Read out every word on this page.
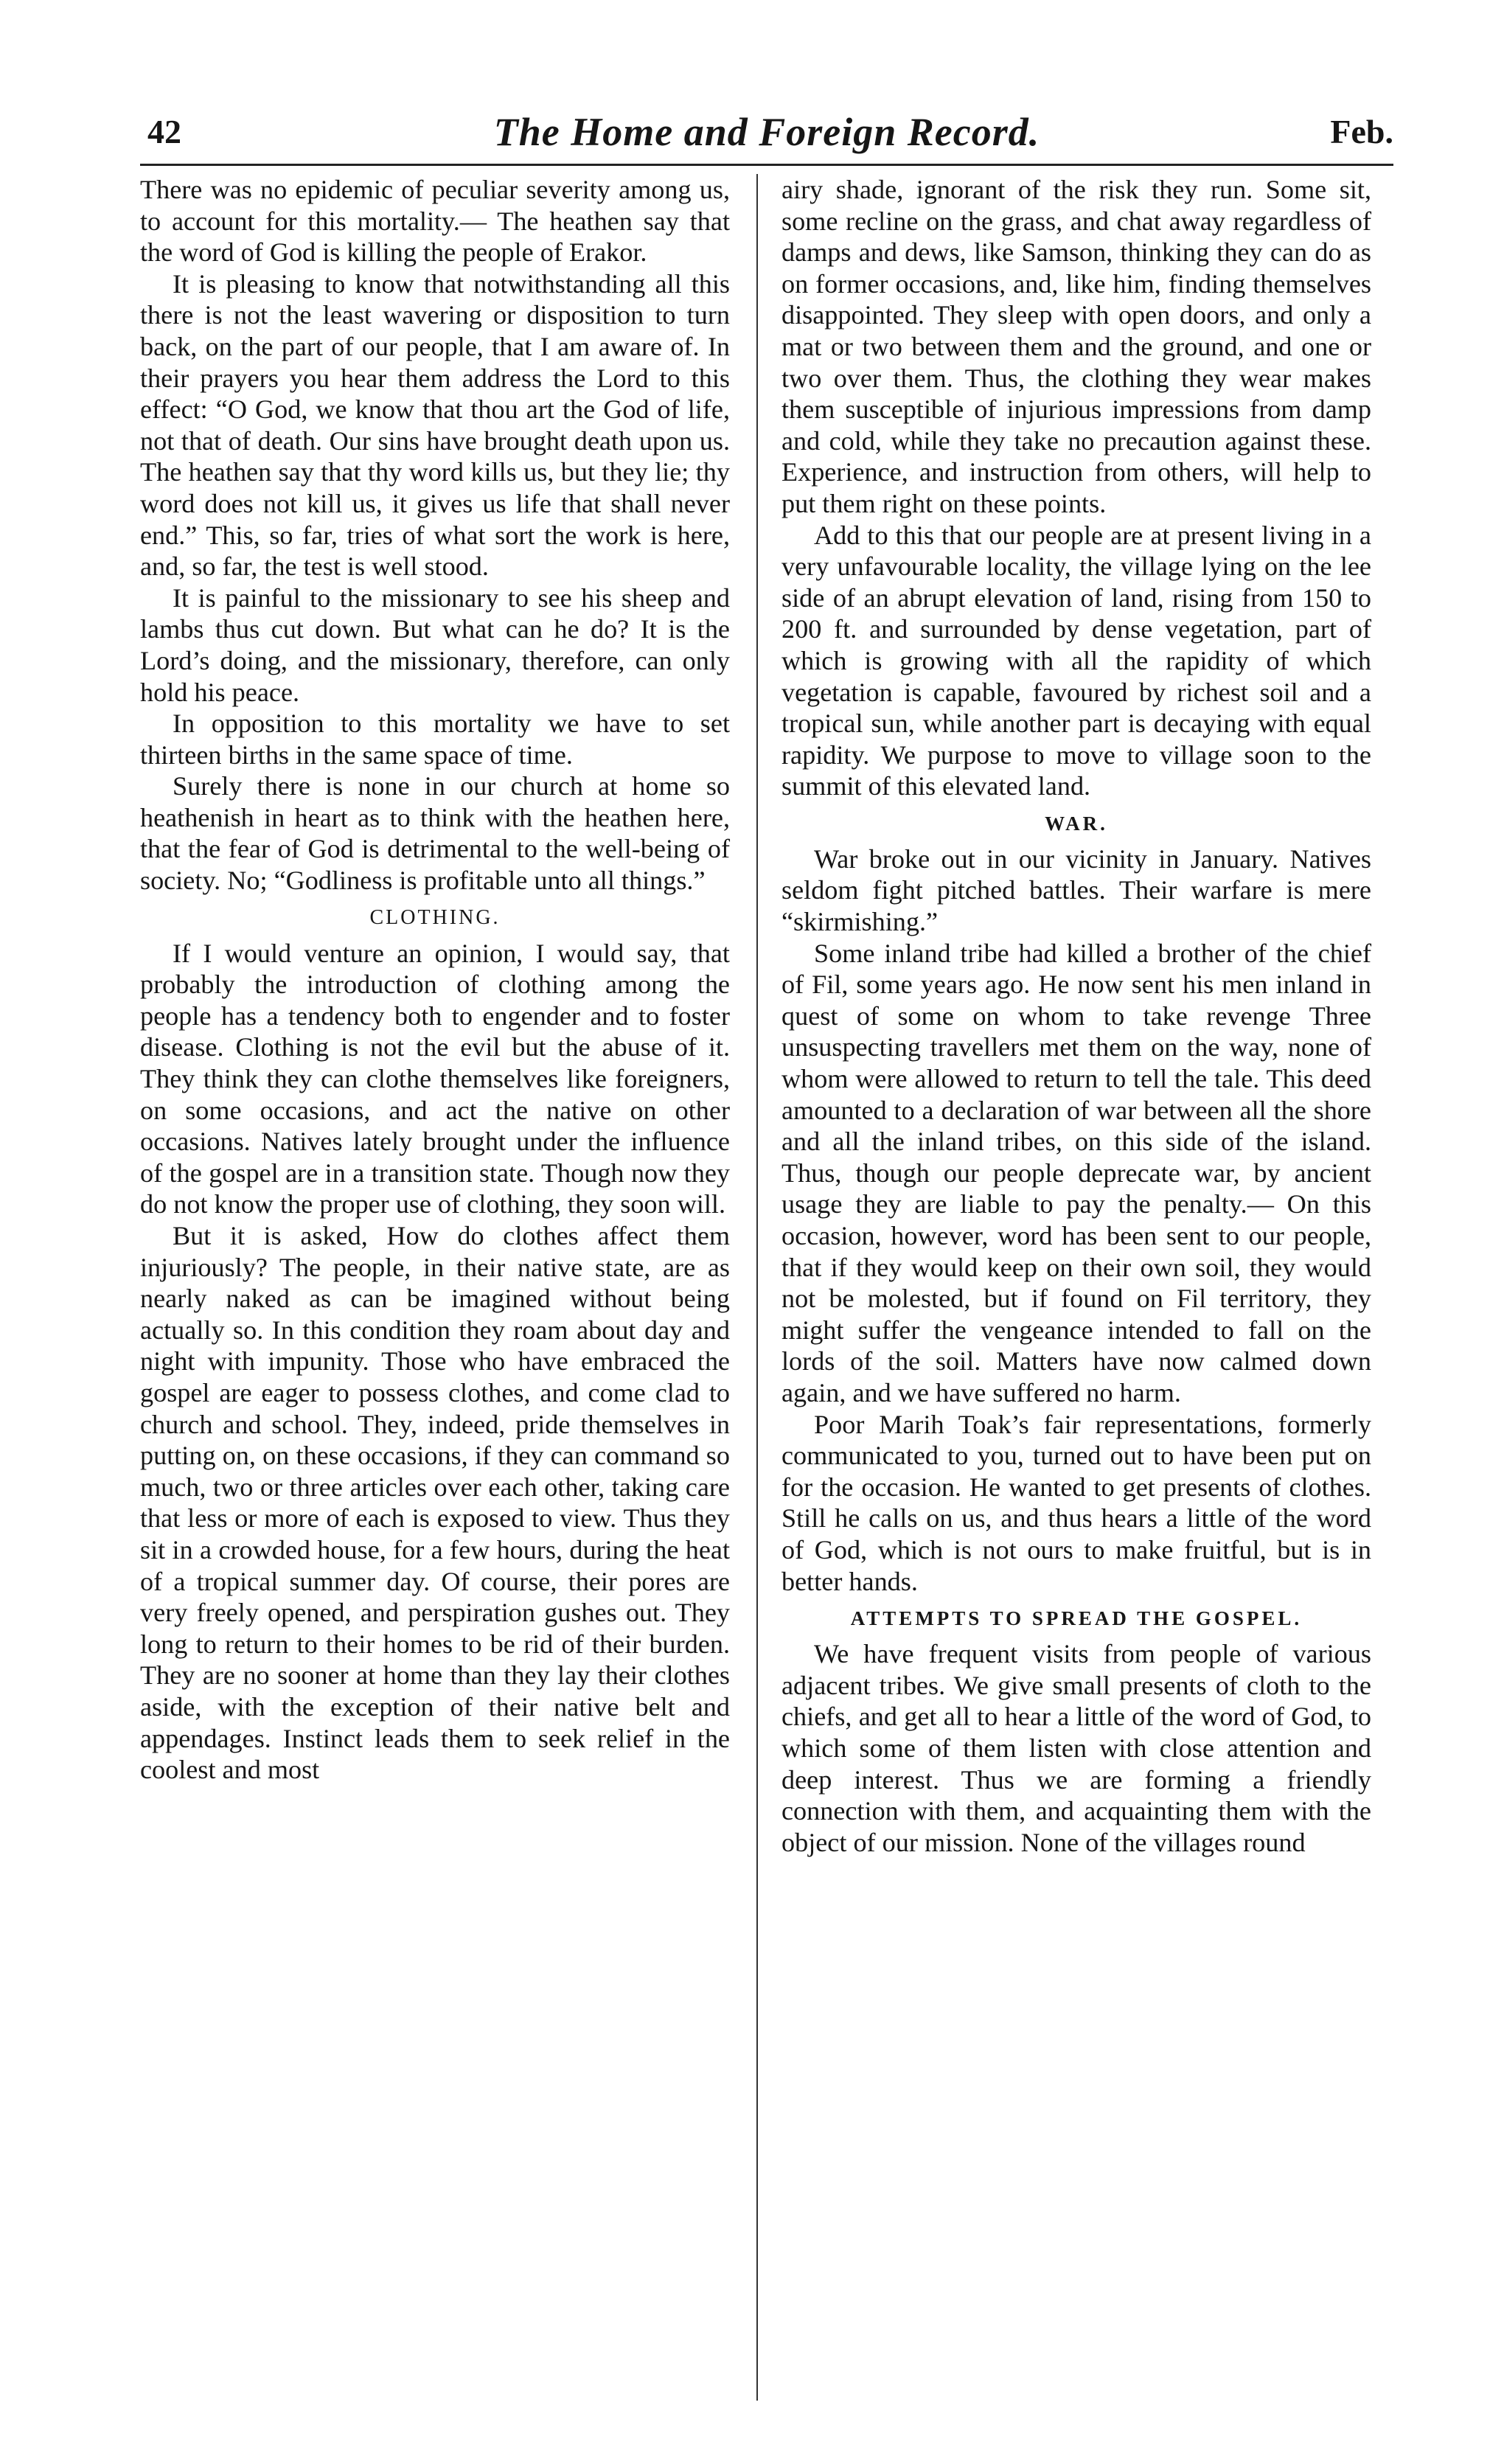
42	The Home and Foreign Record.	Feb.

There was no epidemic of peculiar severity among us, to account for this mortality.— The heathen say that the word of God is killing the people of Erakor.

It is pleasing to know that notwithstanding all this there is not the least wavering or disposition to turn back, on the part of our people, that I am aware of. In their prayers you hear them address the Lord to this effect: “O God, we know that thou art the God of life, not that of death. Our sins have brought death upon us. The heathen say that thy word kills us, but they lie; thy word does not kill us, it gives us life that shall never end.” This, so far, tries of what sort the work is here, and, so far, the test is well stood.

It is painful to the missionary to see his sheep and lambs thus cut down. But what can he do? It is the Lord’s doing, and the missionary, therefore, can only hold his peace.

In opposition to this mortality we have to set thirteen births in the same space of time.

Surely there is none in our church at home so heathenish in heart as to think with the heathen here, that the fear of God is detrimental to the well-being of society. No; “Godliness is profitable unto all things.”

CLOTHING.

If I would venture an opinion, I would say, that probably the introduction of clothing among the people has a tendency both to engender and to foster disease. Clothing is not the evil but the abuse of it. They think they can clothe themselves like foreigners, on some occasions, and act the native on other occasions. Natives lately brought under the influence of the gospel are in a transition state. Though now they do not know the proper use of clothing, they soon will.

But it is asked, How do clothes affect them injuriously? The people, in their native state, are as nearly naked as can be imagined without being actually so. In this condition they roam about day and night with impunity. Those who have embraced the gospel are eager to possess clothes, and come clad to church and school. They, indeed, pride themselves in putting on, on these occasions, if they can command so much, two or three articles over each other, taking care that less or more of each is exposed to view. Thus they sit in a crowded house, for a few hours, during the heat of a tropical summer day. Of course, their pores are very freely opened, and perspiration gushes out. They long to return to their homes to be rid of their burden. They are no sooner at home than they lay their clothes aside, with the exception of their native belt and appendages. Instinct leads them to seek relief in the coolest and most

airy shade, ignorant of the risk they run. Some sit, some recline on the grass, and chat away regardless of damps and dews, like Samson, thinking they can do as on former occasions, and, like him, finding themselves disappointed. They sleep with open doors, and only a mat or two between them and the ground, and one or two over them. Thus, the clothing they wear makes them susceptible of injurious impressions from damp and cold, while they take no precaution against these. Experience, and instruction from others, will help to put them right on these points.

Add to this that our people are at present living in a very unfavourable locality, the village lying on the lee side of an abrupt elevation of land, rising from 150 to 200 ft. and surrounded by dense vegetation, part of which is growing with all the rapidity of which vegetation is capable, favoured by richest soil and a tropical sun, while another part is decaying with equal rapidity. We purpose to move to village soon to the summit of this elevated land.

WAR.

War broke out in our vicinity in January. Natives seldom fight pitched battles. Their warfare is mere “skirmishing.”

Some inland tribe had killed a brother of the chief of Fil, some years ago. He now sent his men inland in quest of some on whom to take revenge Three unsuspecting travellers met them on the way, none of whom were allowed to return to tell the tale. This deed amounted to a declaration of war between all the shore and all the inland tribes, on this side of the island. Thus, though our people deprecate war, by ancient usage they are liable to pay the penalty.— On this occasion, however, word has been sent to our people, that if they would keep on their own soil, they would not be molested, but if found on Fil territory, they might suffer the vengeance intended to fall on the lords of the soil. Matters have now calmed down again, and we have suffered no harm.

Poor Marih Toak’s fair representations, formerly communicated to you, turned out to have been put on for the occasion. He wanted to get presents of clothes. Still he calls on us, and thus hears a little of the word of God, which is not ours to make fruitful, but is in better hands.

ATTEMPTS TO SPREAD THE GOSPEL.

We have frequent visits from people of various adjacent tribes. We give small presents of cloth to the chiefs, and get all to hear a little of the word of God, to which some of them listen with close attention and deep interest. Thus we are forming a friendly connection with them, and acquainting them with the object of our mission. None of the villages round
